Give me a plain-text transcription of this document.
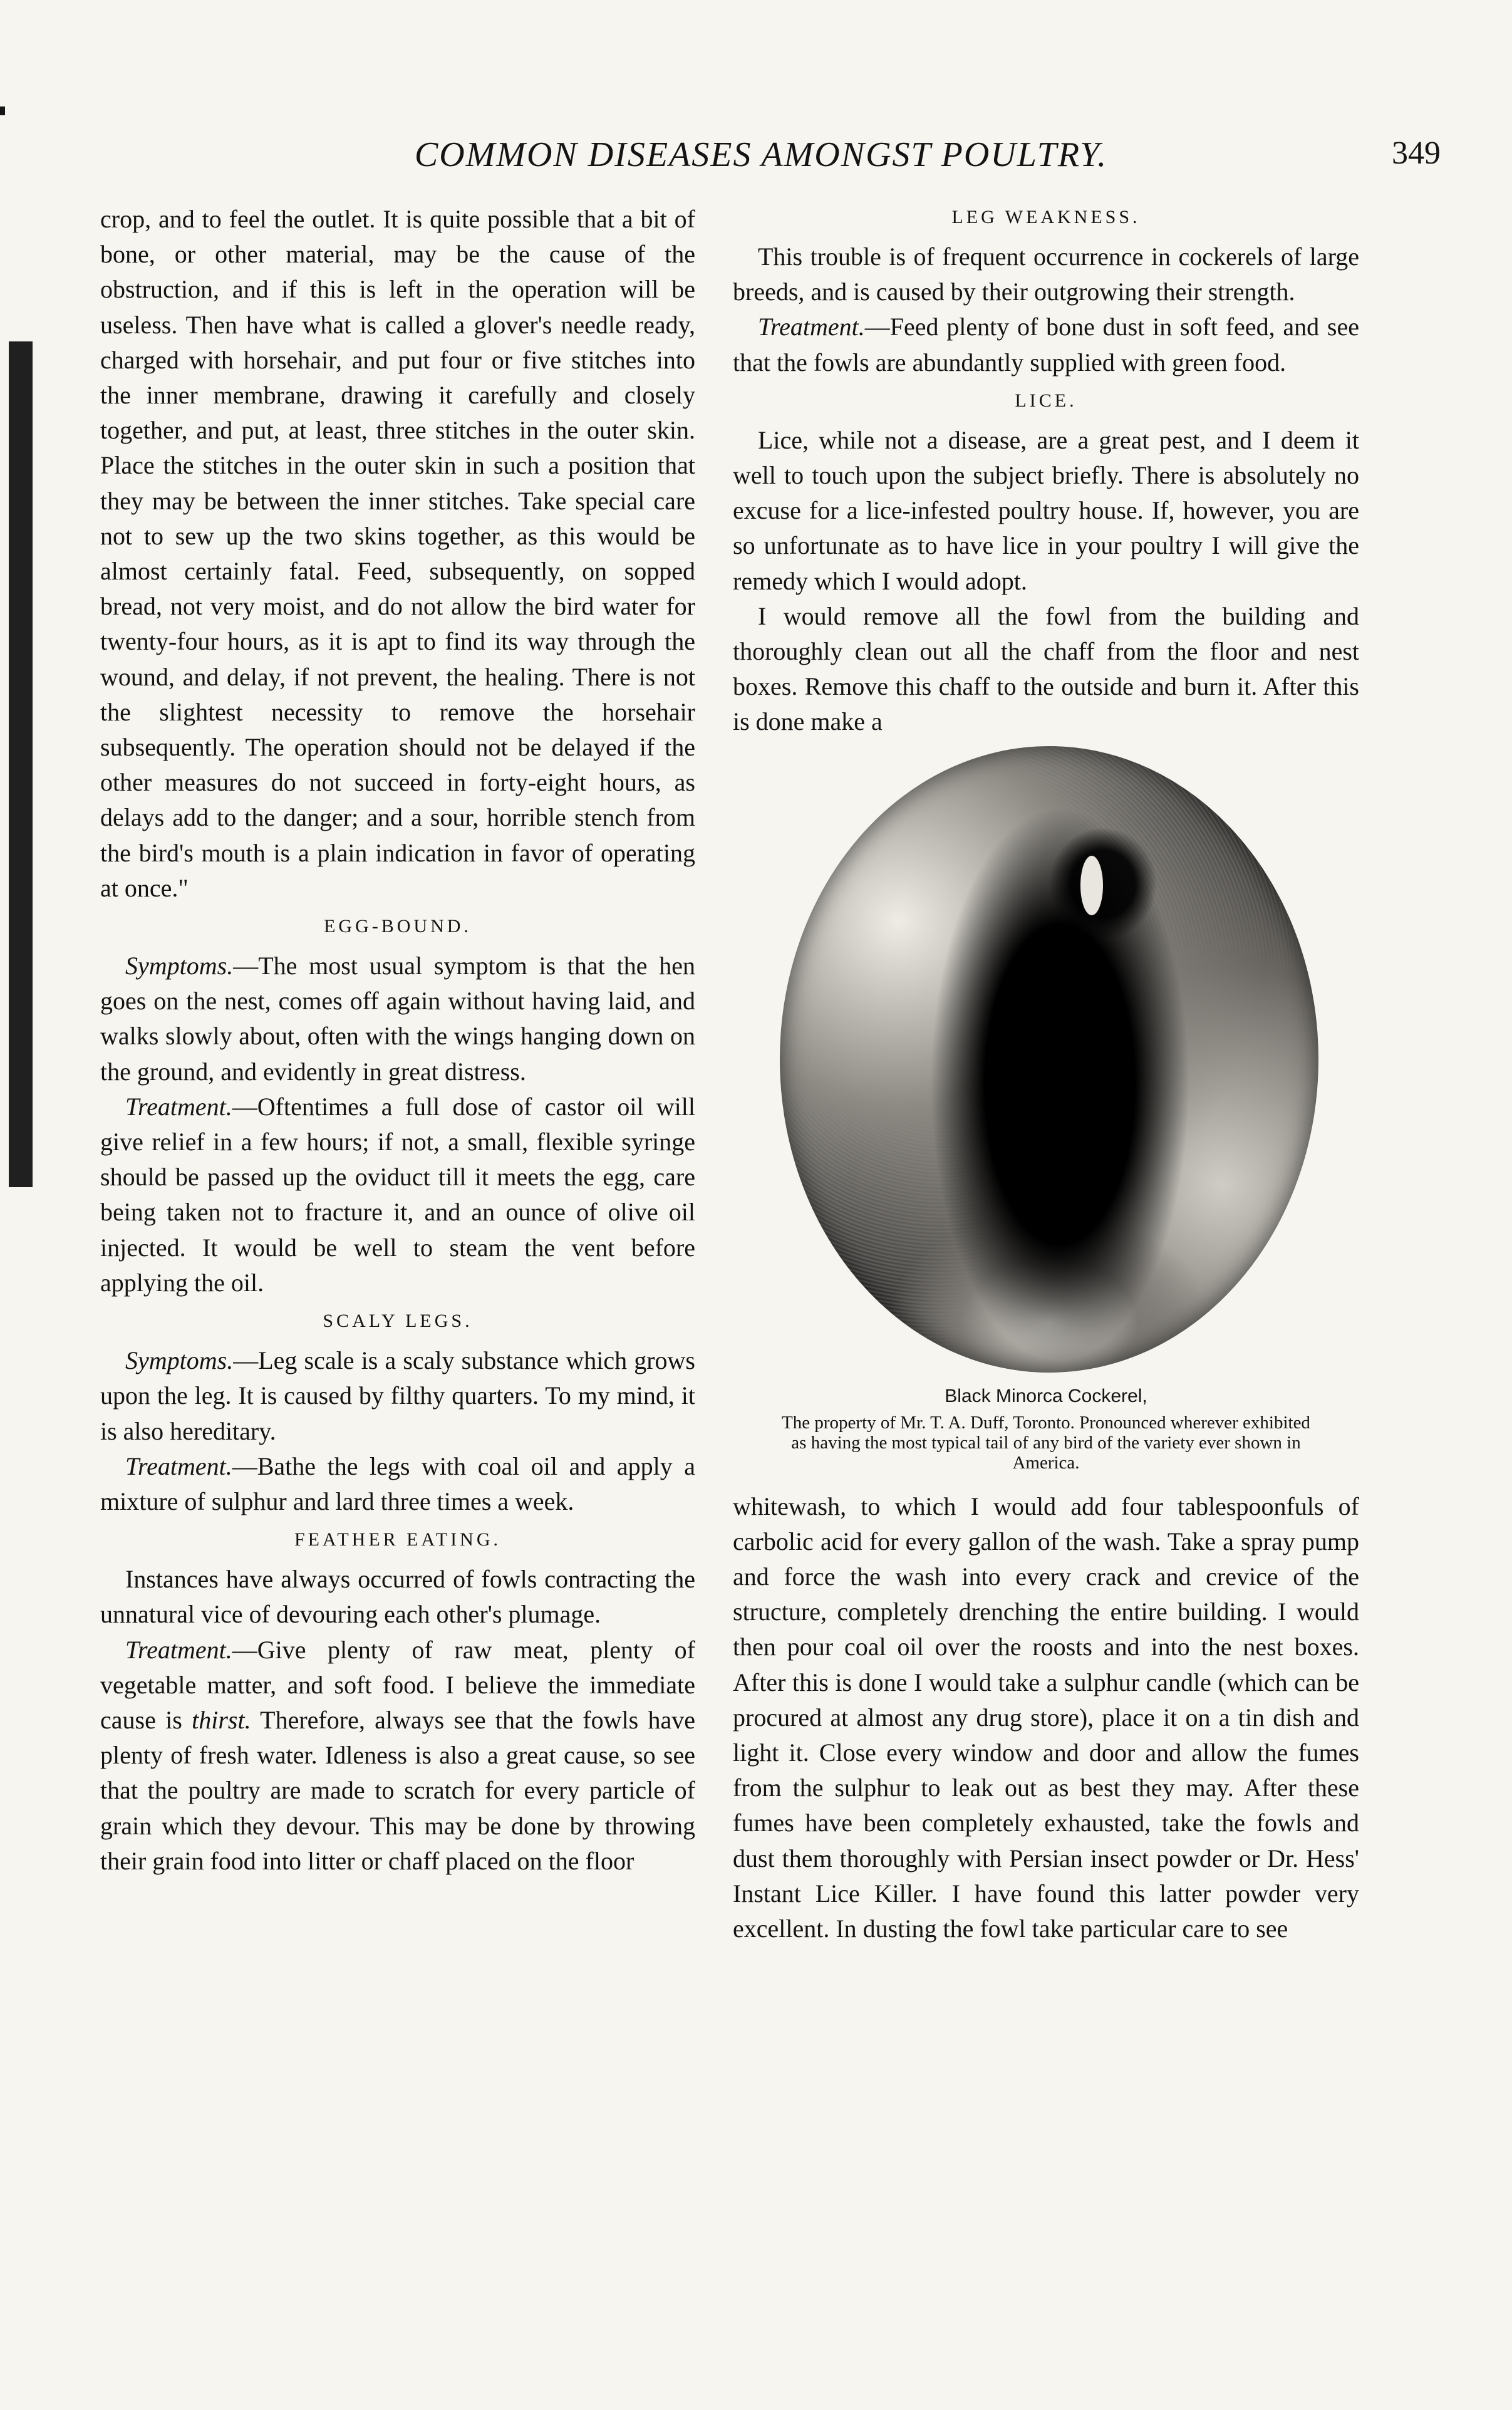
COMMON DISEASES AMONGST POULTRY.	349

crop, and to feel the outlet. It is quite possible that a bit of bone, or other material, may be the cause of the obstruction, and if this is left in the operation will be useless. Then have what is called a glover's needle ready, charged with horsehair, and put four or five stitches into the inner membrane, drawing it carefully and closely together, and put, at least, three stitches in the outer skin. Place the stitches in the outer skin in such a position that they may be between the inner stitches. Take special care not to sew up the two skins together, as this would be almost certainly fatal. Feed, subsequently, on sopped bread, not very moist, and do not allow the bird water for twenty-four hours, as it is apt to find its way through the wound, and delay, if not prevent, the healing. There is not the slightest necessity to remove the horsehair subsequently. The operation should not be delayed if the other measures do not succeed in forty-eight hours, as delays add to the danger; and a sour, horrible stench from the bird's mouth is a plain indication in favor of operating at once."

EGG-BOUND.

Symptoms.—The most usual symptom is that the hen goes on the nest, comes off again without having laid, and walks slowly about, often with the wings hanging down on the ground, and evidently in great distress.

Treatment.—Oftentimes a full dose of castor oil will give relief in a few hours; if not, a small, flexible syringe should be passed up the oviduct till it meets the egg, care being taken not to fracture it, and an ounce of olive oil injected. It would be well to steam the vent before applying the oil.

SCALY LEGS.

Symptoms.—Leg scale is a scaly substance which grows upon the leg. It is caused by filthy quarters. To my mind, it is also hereditary.

Treatment.—Bathe the legs with coal oil and apply a mixture of sulphur and lard three times a week.

FEATHER EATING.

Instances have always occurred of fowls contracting the unnatural vice of devouring each other's plumage.

Treatment.—Give plenty of raw meat, plenty of vegetable matter, and soft food. I believe the immediate cause is thirst. Therefore, always see that the fowls have plenty of fresh water. Idleness is also a great cause, so see that the poultry are made to scratch for every particle of grain which they devour. This may be done by throwing their grain food into litter or chaff placed on the floor

LEG WEAKNESS.

This trouble is of frequent occurrence in cockerels of large breeds, and is caused by their outgrowing their strength.

Treatment.—Feed plenty of bone dust in soft feed, and see that the fowls are abundantly supplied with green food.

LICE.

Lice, while not a disease, are a great pest, and I deem it well to touch upon the subject briefly. There is absolutely no excuse for a lice-infested poultry house. If, however, you are so unfortunate as to have lice in your poultry I will give the remedy which I would adopt.

I would remove all the fowl from the building and thoroughly clean out all the chaff from the floor and nest boxes. Remove this chaff to the outside and burn it. After this is done make a

Black Minorca Cockerel,
The property of Mr. T. A. Duff, Toronto. Pronounced wherever exhibited as having the most typical tail of any bird of the variety ever shown in America.

whitewash, to which I would add four tablespoonfuls of carbolic acid for every gallon of the wash. Take a spray pump and force the wash into every crack and crevice of the structure, completely drenching the entire building. I would then pour coal oil over the roosts and into the nest boxes. After this is done I would take a sulphur candle (which can be procured at almost any drug store), place it on a tin dish and light it. Close every window and door and allow the fumes from the sulphur to leak out as best they may. After these fumes have been completely exhausted, take the fowls and dust them thoroughly with Persian insect powder or Dr. Hess' Instant Lice Killer. I have found this latter powder very excellent. In dusting the fowl take particular care to see
